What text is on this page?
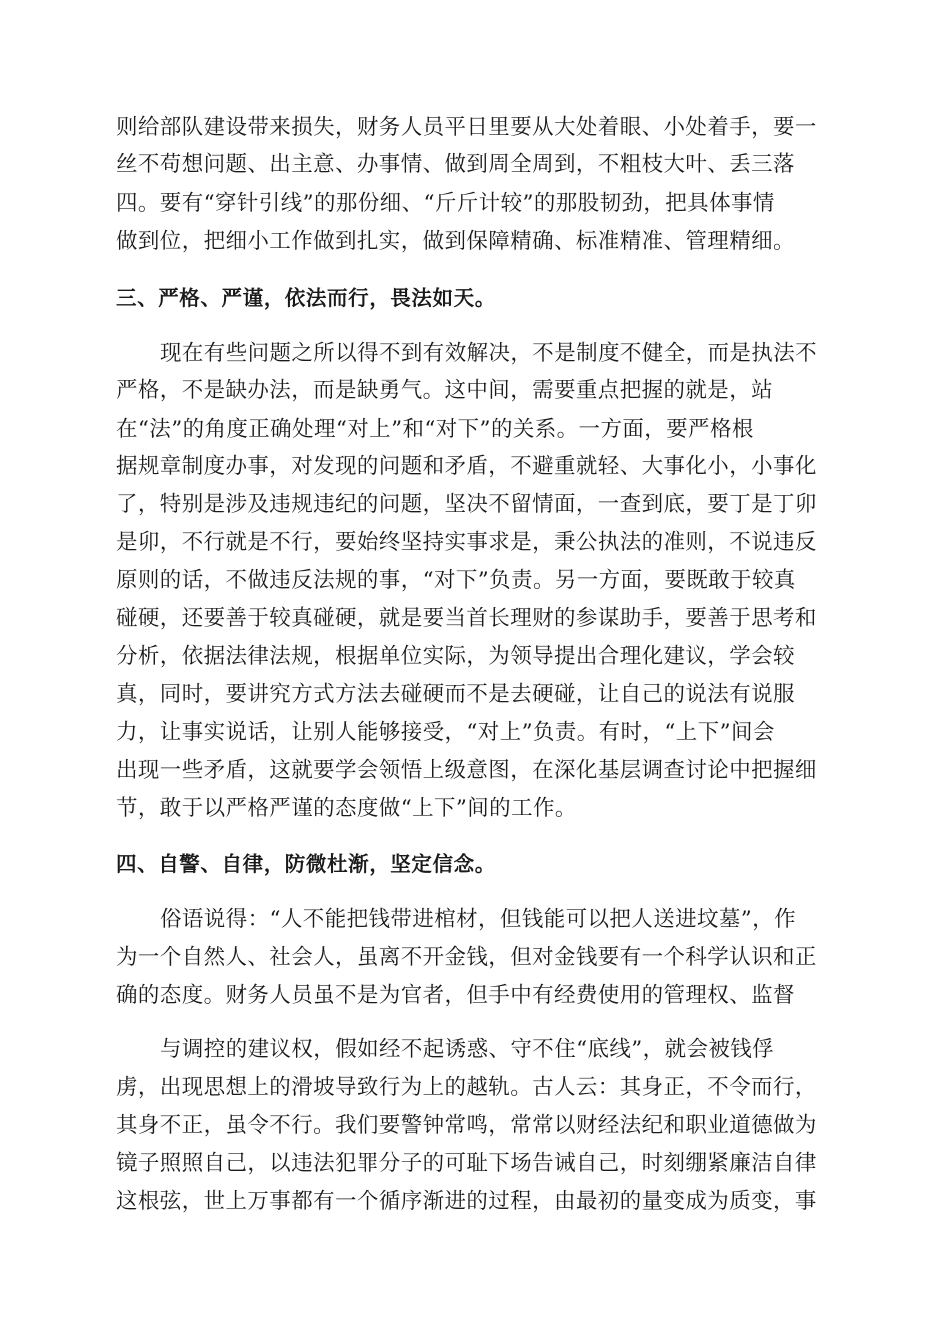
则给部队建设带来损失，财务人员平日里要从大处着眼、小处着手，要一
丝不苟想问题、出主意、办事情、做到周全周到，不粗枝大叶、丢三落
四。要有“穿针引线”的那份细、“斤斤计较”的那股韧劲，把具体事情
做到位，把细小工作做到扎实，做到保障精确、标准精准、管理精细。
三、严格、严谨，依法而行，畏法如天。
现在有些问题之所以得不到有效解决，不是制度不健全，而是执法不
严格，不是缺办法，而是缺勇气。这中间，需要重点把握的就是，站
在“法”的角度正确处理“对上”和“对下”的关系。一方面，要严格根
据规章制度办事，对发现的问题和矛盾，不避重就轻、大事化小，小事化
了，特别是涉及违规违纪的问题，坚决不留情面，一查到底，要丁是丁卯
是卯，不行就是不行，要始终坚持实事求是，秉公执法的准则，不说违反
原则的话，不做违反法规的事，“对下”负责。另一方面，要既敢于较真
碰硬，还要善于较真碰硬，就是要当首长理财的参谋助手，要善于思考和
分析，依据法律法规，根据单位实际，为领导提出合理化建议，学会较
真，同时，要讲究方式方法去碰硬而不是去硬碰，让自己的说法有说服
力，让事实说话，让别人能够接受，“对上”负责。有时，“上下”间会
出现一些矛盾，这就要学会领悟上级意图，在深化基层调查讨论中把握细
节，敢于以严格严谨的态度做“上下”间的工作。
四、自警、自律，防微杜渐，坚定信念。
俗语说得：“人不能把钱带进棺材，但钱能可以把人送进坟墓”，作
为一个自然人、社会人，虽离不开金钱，但对金钱要有一个科学认识和正
确的态度。财务人员虽不是为官者，但手中有经费使用的管理权、监督
与调控的建议权，假如经不起诱惑、守不住“底线”，就会被钱俘
虏，出现思想上的滑坡导致行为上的越轨。古人云：其身正，不令而行，
其身不正，虽令不行。我们要警钟常鸣，常常以财经法纪和职业道德做为
镜子照照自己，以违法犯罪分子的可耻下场告诫自己，时刻绷紧廉洁自律
这根弦，世上万事都有一个循序渐进的过程，由最初的量变成为质变，事
